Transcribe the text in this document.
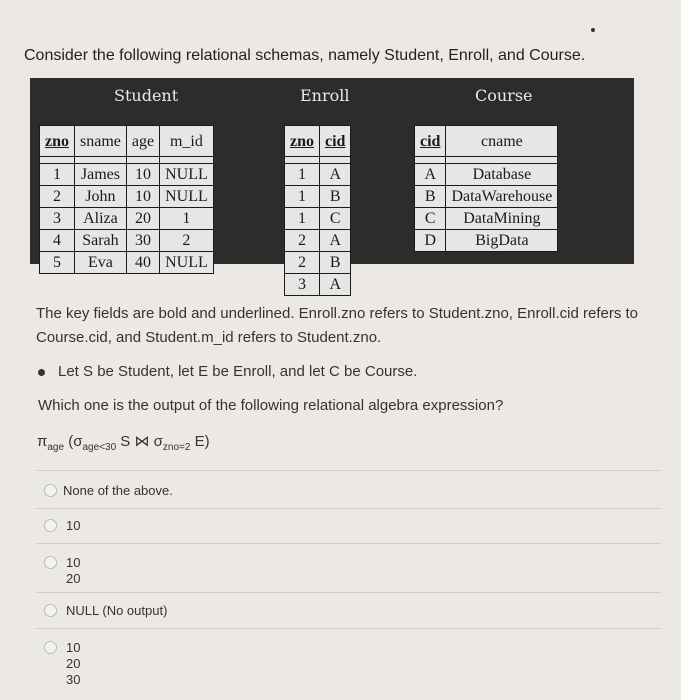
Consider the following relational schemas, namely Student, Enroll, and Course.
Student	Enroll	Course
zno	sname	age	m_id

1	James	10	NULL
2	John	10	NULL
3	Aliza	20	1
4	Sarah	30	2
5	Eva	40	NULL
zno	cid

1	A
1	B
1	C
2	A
2	B
3	A
cid	cname

A	Database
B	DataWarehouse
C	DataMining
D	BigData
The key fields are bold and underlined. Enroll.zno refers to Student.zno, Enroll.cid refers to Course.cid, and Student.m_id refers to Student.zno.
Let S be Student, let E be Enroll, and let C be Course.
Which one is the output of the following relational algebra expression?
$\pi_{age}$ ($\sigma_{age<30}$ S ⋈ $\sigma_{zno=2}$ E)
None of the above.
10
10
20
NULL (No output)
10
20
30
